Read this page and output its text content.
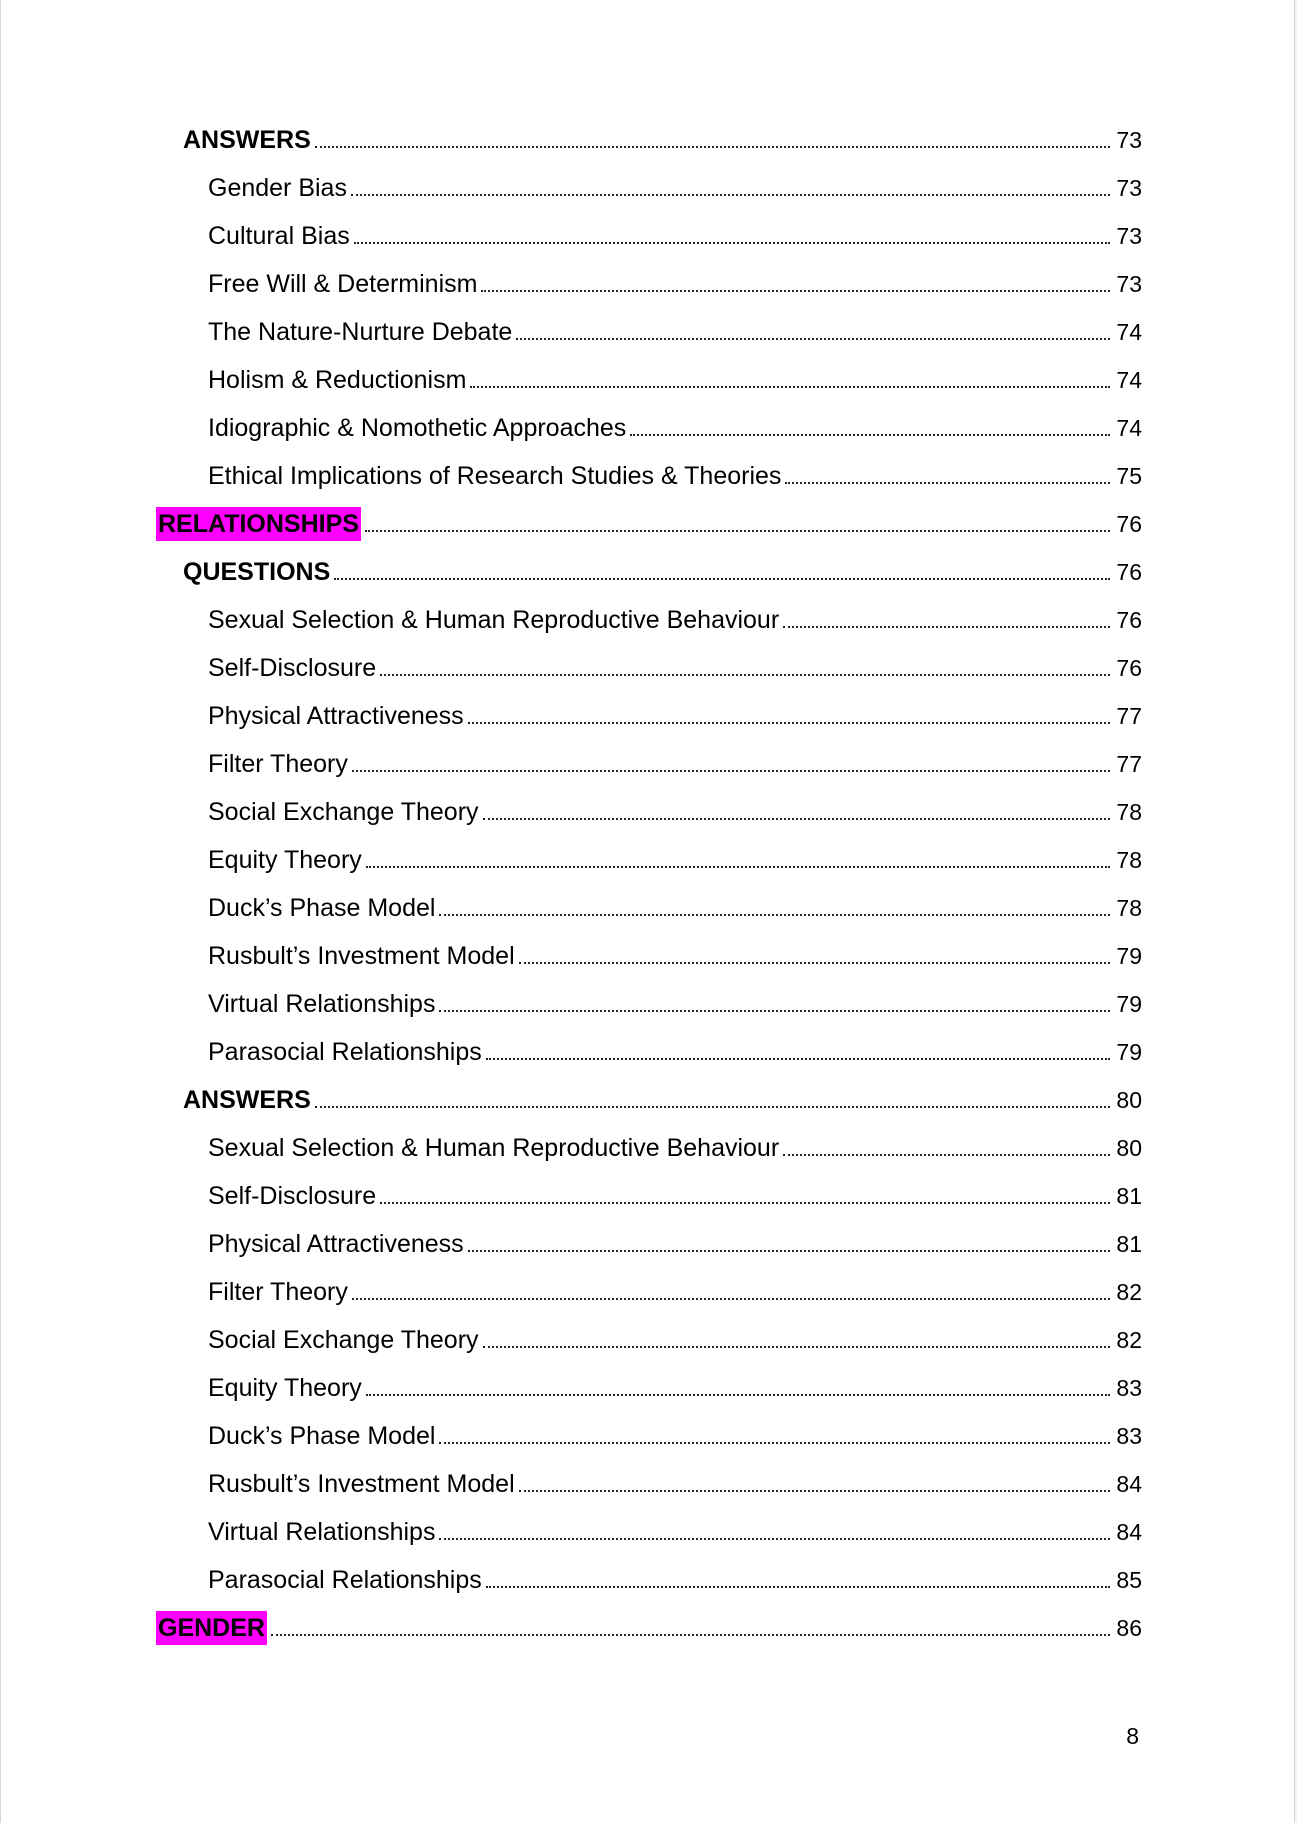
ANSWERS	73
Gender Bias	73
Cultural Bias	73
Free Will & Determinism	73
The Nature-Nurture Debate	74
Holism & Reductionism	74
Idiographic & Nomothetic Approaches	74
Ethical Implications of Research Studies & Theories	75
RELATIONSHIPS	76
QUESTIONS	76
Sexual Selection & Human Reproductive Behaviour	76
Self-Disclosure	76
Physical Attractiveness	77
Filter Theory	77
Social Exchange Theory	78
Equity Theory	78
Duck’s Phase Model	78
Rusbult’s Investment Model	79
Virtual Relationships	79
Parasocial Relationships	79
ANSWERS	80
Sexual Selection & Human Reproductive Behaviour	80
Self-Disclosure	81
Physical Attractiveness	81
Filter Theory	82
Social Exchange Theory	82
Equity Theory	83
Duck’s Phase Model	83
Rusbult’s Investment Model	84
Virtual Relationships	84
Parasocial Relationships	85
GENDER	86
8
